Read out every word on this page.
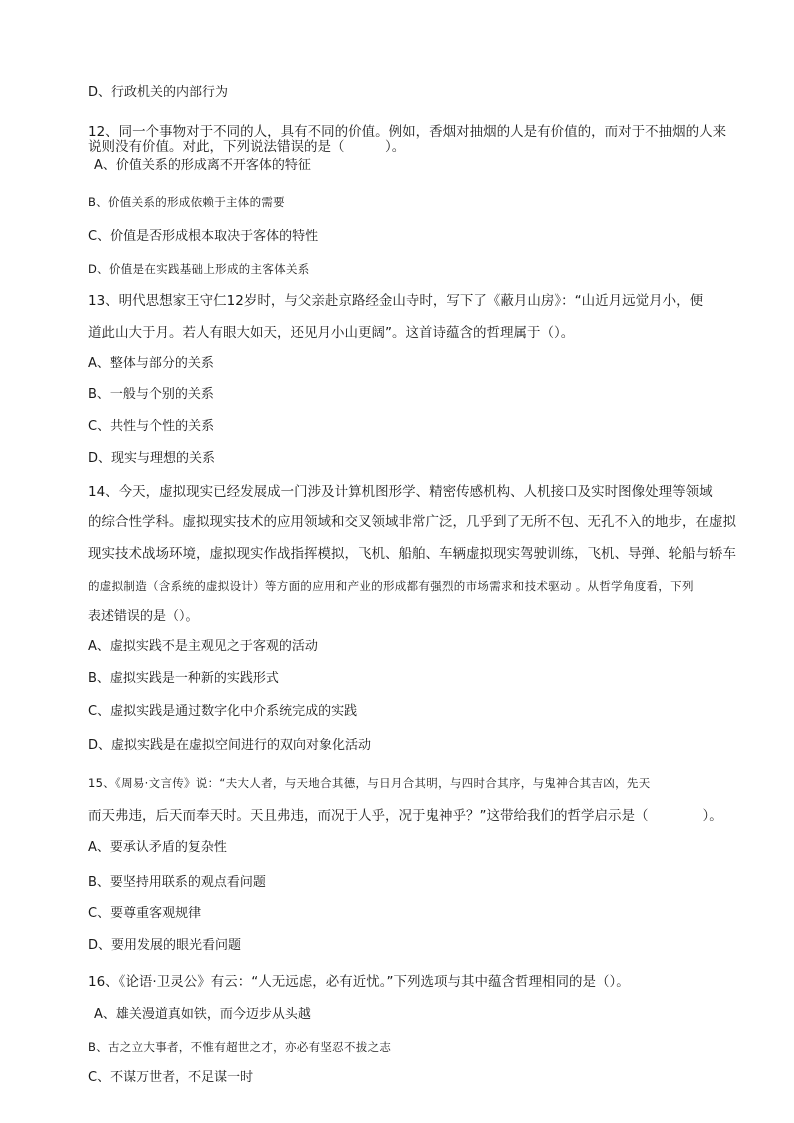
D、行政机关的内部行为
12、同一个事物对于不同的人，具有不同的价值。例如，香烟对抽烟的人是有价值的，而对于不抽烟的人来
说则没有价值。对此，下列说法错误的是（　　　）。
A、价值关系的形成离不开客体的特征
B、价值关系的形成依赖于主体的需要
C、价值是否形成根本取决于客体的特性
D、价值是在实践基础上形成的主客体关系
13、明代思想家王守仁12岁时，与父亲赴京路经金山寺时，写下了《蔽月山房》：“山近月远觉月小，便
道此山大于月。若人有眼大如天，还见月小山更阔”。这首诗蕴含的哲理属于（）。
A、整体与部分的关系
B、一般与个别的关系
C、共性与个性的关系
D、现实与理想的关系
14、今天，虚拟现实已经发展成一门涉及计算机图形学、精密传感机构、人机接口及实时图像处理等领域
的综合性学科。虚拟现实技术的应用领域和交叉领域非常广泛，几乎到了无所不包、无孔不入的地步，在虚拟
现实技术战场环境，虚拟现实作战指挥模拟，飞机、船舶、车辆虚拟现实驾驶训练，飞机、导弹、轮船与轿车
的虚拟制造（含系统的虚拟设计）等方面的应用和产业的形成都有强烈的市场需求和技术驱动 。从哲学角度看，下列
表述错误的是（）。
A、虚拟实践不是主观见之于客观的活动
B、虚拟实践是一种新的实践形式
C、虚拟实践是通过数字化中介系统完成的实践
D、虚拟实践是在虚拟空间进行的双向对象化活动
15、《周易·文言传》说：“夫大人者，与天地合其德，与日月合其明，与四时合其序，与鬼神合其吉凶，先天
而天弗违，后天而奉天时。天且弗违，而况于人乎，况于鬼神乎？”这带给我们的哲学启示是（　　　　）。
A、要承认矛盾的复杂性
B、要坚持用联系的观点看问题
C、要尊重客观规律
D、要用发展的眼光看问题
16、《论语·卫灵公》有云：“人无远虑，必有近忧。”下列选项与其中蕴含哲理相同的是（）。
A、雄关漫道真如铁，而今迈步从头越
B、古之立大事者，不惟有超世之才，亦必有坚忍不拔之志
C、不谋万世者，不足谋一时
